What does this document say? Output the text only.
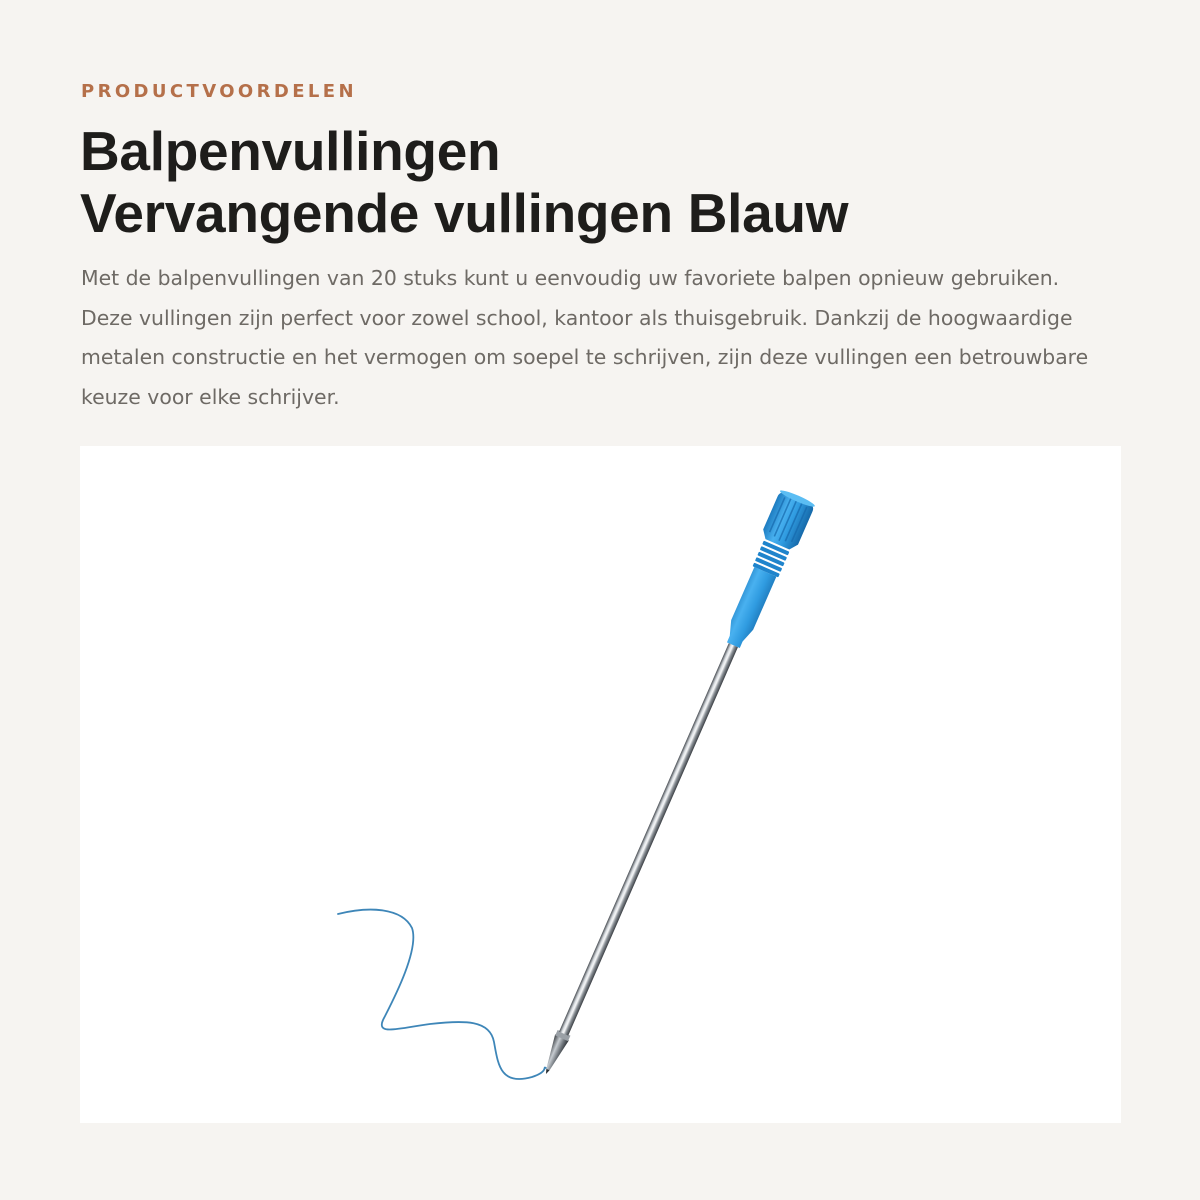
PRODUCTVOORDELEN

Balpenvullingen
Vervangende vullingen Blauw

Met de balpenvullingen van 20 stuks kunt u eenvoudig uw favoriete balpen opnieuw gebruiken. Deze vullingen zijn perfect voor zowel school, kantoor als thuisgebruik. Dankzij de hoogwaardige metalen constructie en het vermogen om soepel te schrijven, zijn deze vullingen een betrouwbare keuze voor elke schrijver.
